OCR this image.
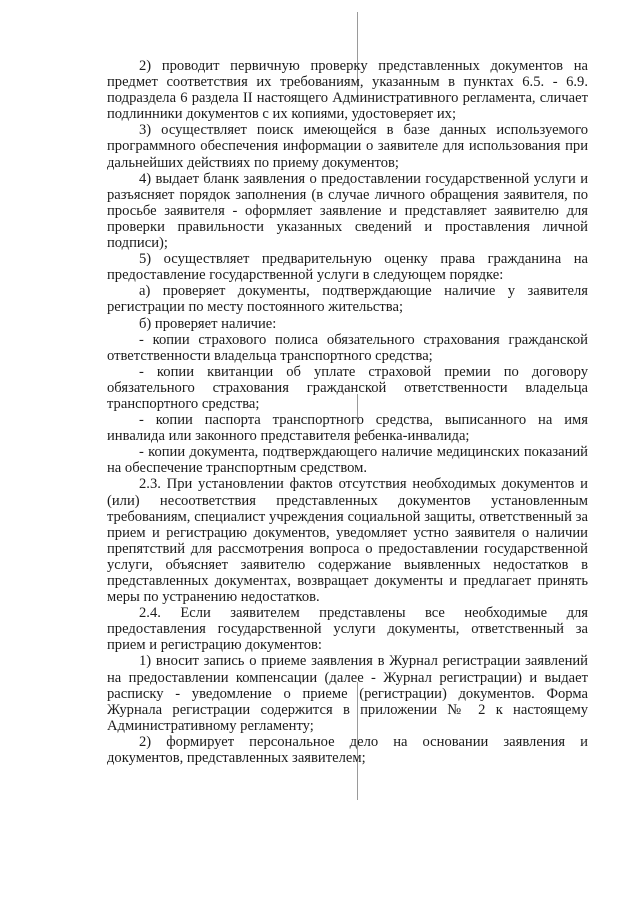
2) проводит первичную проверку представленных документов на предмет соответствия их требованиям, указанным в пунктах 6.5. - 6.9. подраздела 6 раздела II настоящего Административного регламента, сличает подлинники документов с их копиями, удостоверяет их;

3) осуществляет поиск имеющейся в базе данных используемого программного обеспечения информации о заявителе для использования при дальнейших действиях по приему документов;

4) выдает бланк заявления о предоставлении государственной услуги и разъясняет порядок заполнения (в случае личного обращения заявителя, по просьбе заявителя - оформляет заявление и представляет заявителю для проверки правильности указанных сведений и проставления личной подписи);

5) осуществляет предварительную оценку права гражданина на предоставление государственной услуги в следующем порядке:

а) проверяет документы, подтверждающие наличие у заявителя регистрации по месту постоянного жительства;

б) проверяет наличие:

- копии страхового полиса обязательного страхования гражданской ответственности владельца транспортного средства;

- копии квитанции об уплате страховой премии по договору обязательного страхования гражданской ответственности владельца транспортного средства;

- копии паспорта транспортного средства, выписанного на имя инвалида или законного представителя ребенка-инвалида;

- копии документа, подтверждающего наличие медицинских показаний на обеспечение транспортным средством.

2.3. При установлении фактов отсутствия необходимых документов и (или) несоответствия представленных документов установленным требованиям, специалист учреждения социальной защиты, ответственный за прием и регистрацию документов, уведомляет устно заявителя о наличии препятствий для рассмотрения вопроса о предоставлении государственной услуги, объясняет заявителю содержание выявленных недостатков в представленных документах, возвращает документы и предлагает принять меры по устранению недостатков.

2.4. Если заявителем представлены все необходимые для предоставления государственной услуги документы, ответственный за прием и регистрацию документов:

1) вносит запись о приеме заявления в Журнал регистрации заявлений на предоставлении компенсации (далее - Журнал регистрации) и выдает расписку - уведомление о приеме (регистрации) документов. Форма Журнала регистрации содержится в приложении № 2 к настоящему Административному регламенту;

2) формирует персональное дело на основании заявления и документов, представленных заявителем;
